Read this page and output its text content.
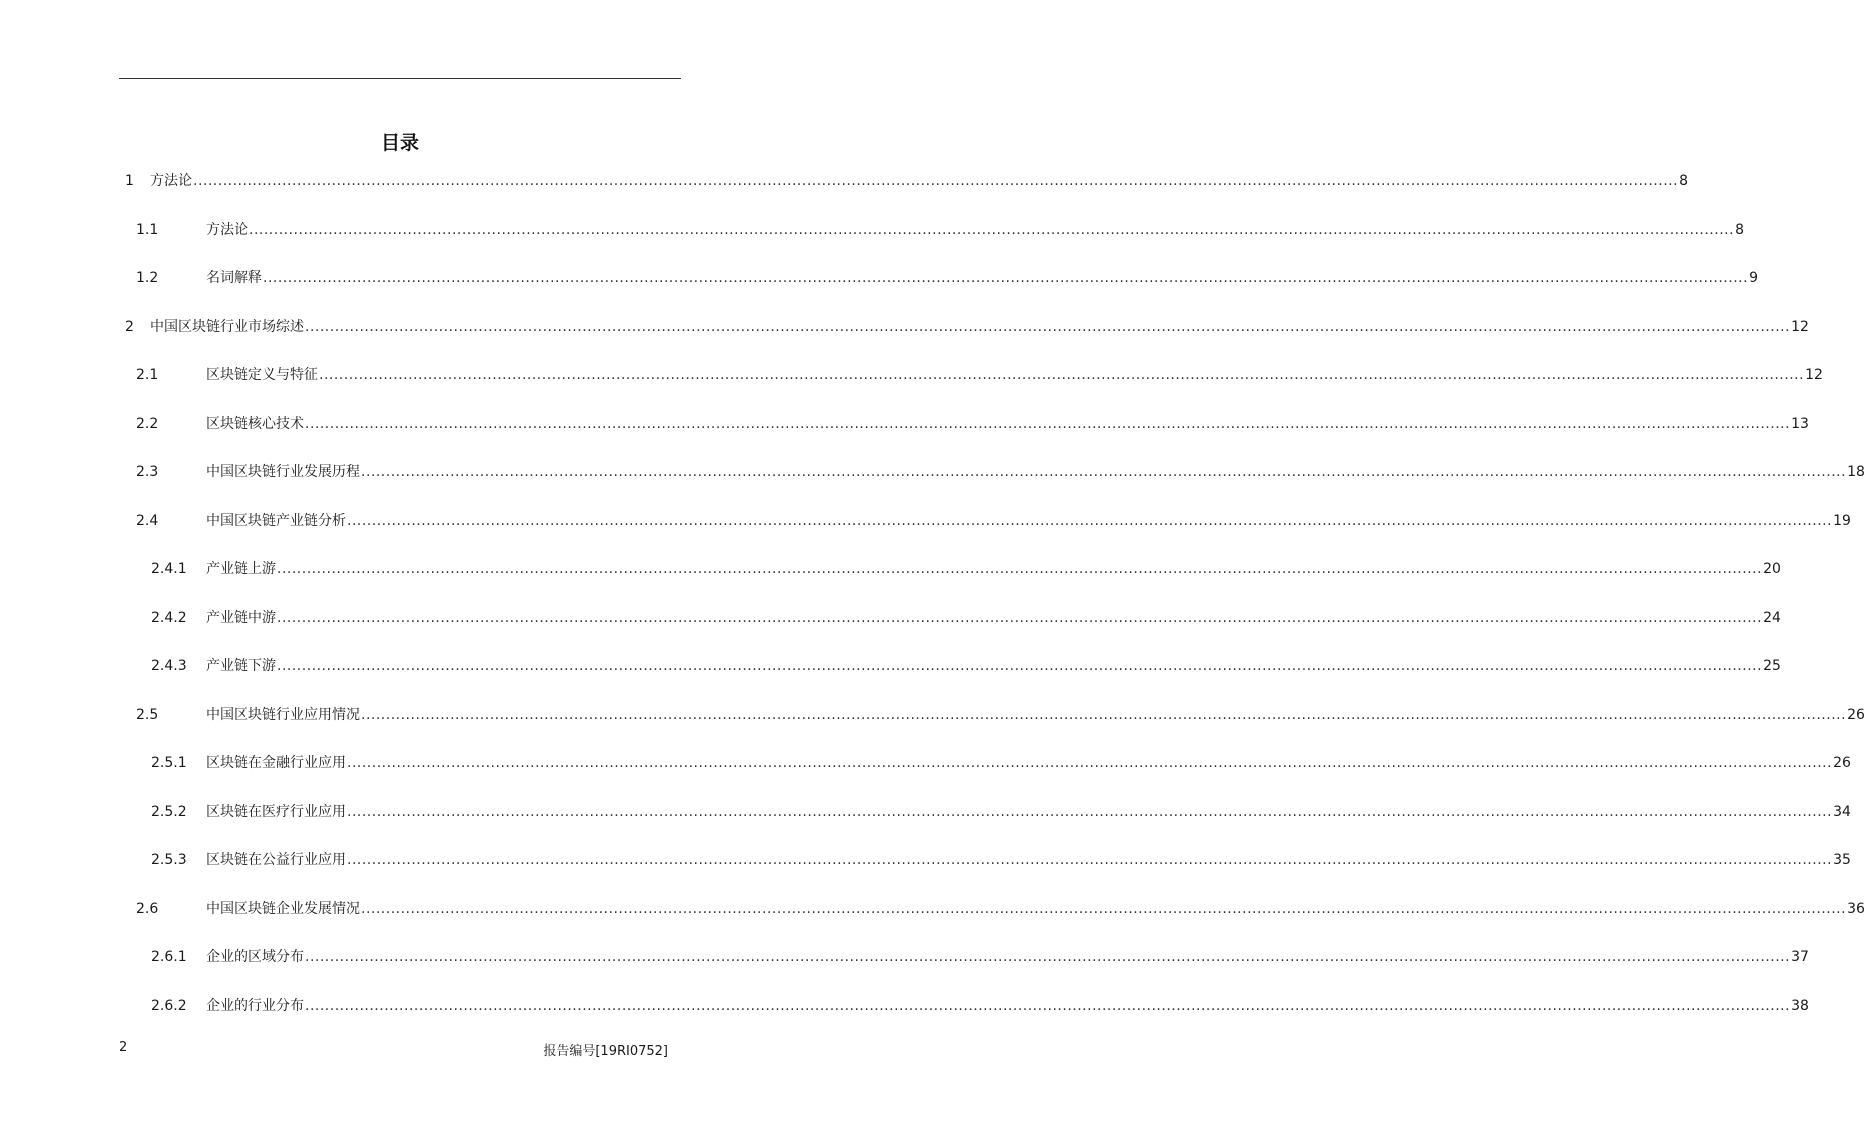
目录
1 方法论 ............................................................................................................................................................................................................................................................................................................ 8
1.1	方法论 ............................................................................................................................................................................................................................................................................................................ 8
1.2	名词解释 ............................................................................................................................................................................................................................................................................................................ 9
2 中国区块链行业市场综述 ............................................................................................................................................................................................................................................................................................................ 12
2.1	区块链定义与特征 ............................................................................................................................................................................................................................................................................................................ 12
2.2	区块链核心技术 ............................................................................................................................................................................................................................................................................................................ 13
2.3	中国区块链行业发展历程 ............................................................................................................................................................................................................................................................................................................ 18
2.4	中国区块链产业链分析 ............................................................................................................................................................................................................................................................................................................ 19
2.4.1 产业链上游 ............................................................................................................................................................................................................................................................................................................ 20
2.4.2 产业链中游 ............................................................................................................................................................................................................................................................................................................ 24
2.4.3 产业链下游 ............................................................................................................................................................................................................................................................................................................ 25
2.5	中国区块链行业应用情况 ............................................................................................................................................................................................................................................................................................................ 26
2.5.1 区块链在金融行业应用 ............................................................................................................................................................................................................................................................................................................ 26
2.5.2 区块链在医疗行业应用 ............................................................................................................................................................................................................................................................................................................ 34
2.5.3 区块链在公益行业应用 ............................................................................................................................................................................................................................................................................................................ 35
2.6	中国区块链企业发展情况 ............................................................................................................................................................................................................................................................................................................ 36
2.6.1 企业的区域分布 ............................................................................................................................................................................................................................................................................................................ 37
2.6.2 企业的行业分布 ............................................................................................................................................................................................................................................................................................................ 38
2	报告编号[19RI0752]
